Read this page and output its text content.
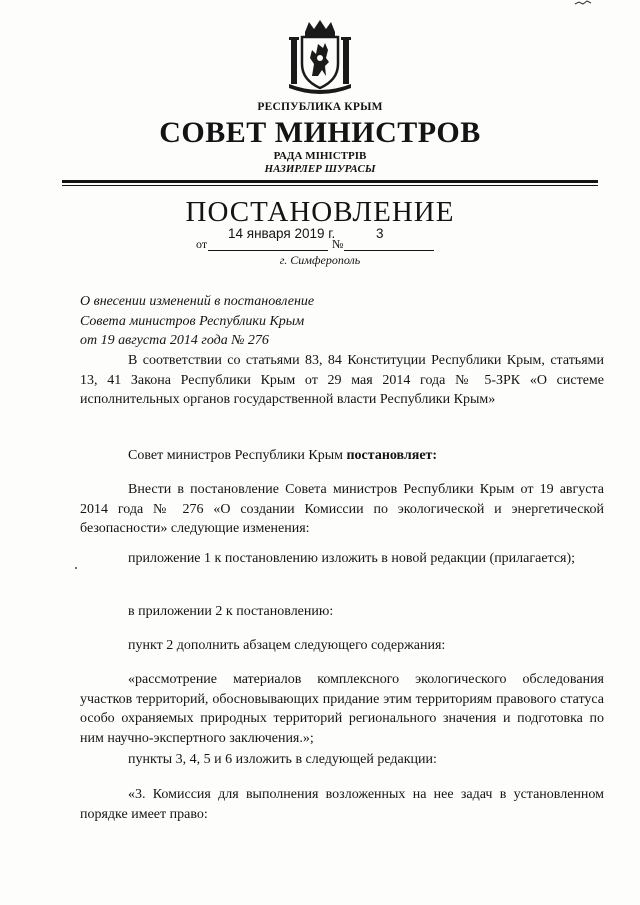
РЕСПУБЛИКА КРЫМ
СОВЕТ МИНИСТРОВ
РАДА МІНІСТРІВ
НАЗИРЛЕР ШУРАСЫ
ПОСТАНОВЛЕНИЕ
от
14 января 2019 г.
№
3
г. Симферополь
О внесении изменений в постановление
Совета министров Республики Крым
от 19 августа 2014 года № 276
В соответствии со статьями 83, 84 Конституции Республики Крым, статьями 13, 41 Закона Республики Крым от 29 мая 2014 года № 5-ЗРК «О системе исполнительных органов государственной власти Республики Крым»
Совет министров Республики Крым постановляет:
Внести в постановление Совета министров Республики Крым от 19 августа 2014 года № 276 «О создании Комиссии по экологической и энергетической безопасности» следующие изменения:
приложение 1 к постановлению изложить в новой редакции (прилагается);
в приложении 2 к постановлению:
пункт 2 дополнить абзацем следующего содержания:
«рассмотрение материалов комплексного экологического обследования участков территорий, обосновывающих придание этим территориям правового статуса особо охраняемых природных территорий регионального значения и подготовка по ним научно-экспертного заключения.»;
пункты 3, 4, 5 и 6 изложить в следующей редакции:
«3. Комиссия для выполнения возложенных на нее задач в установленном порядке имеет право:
